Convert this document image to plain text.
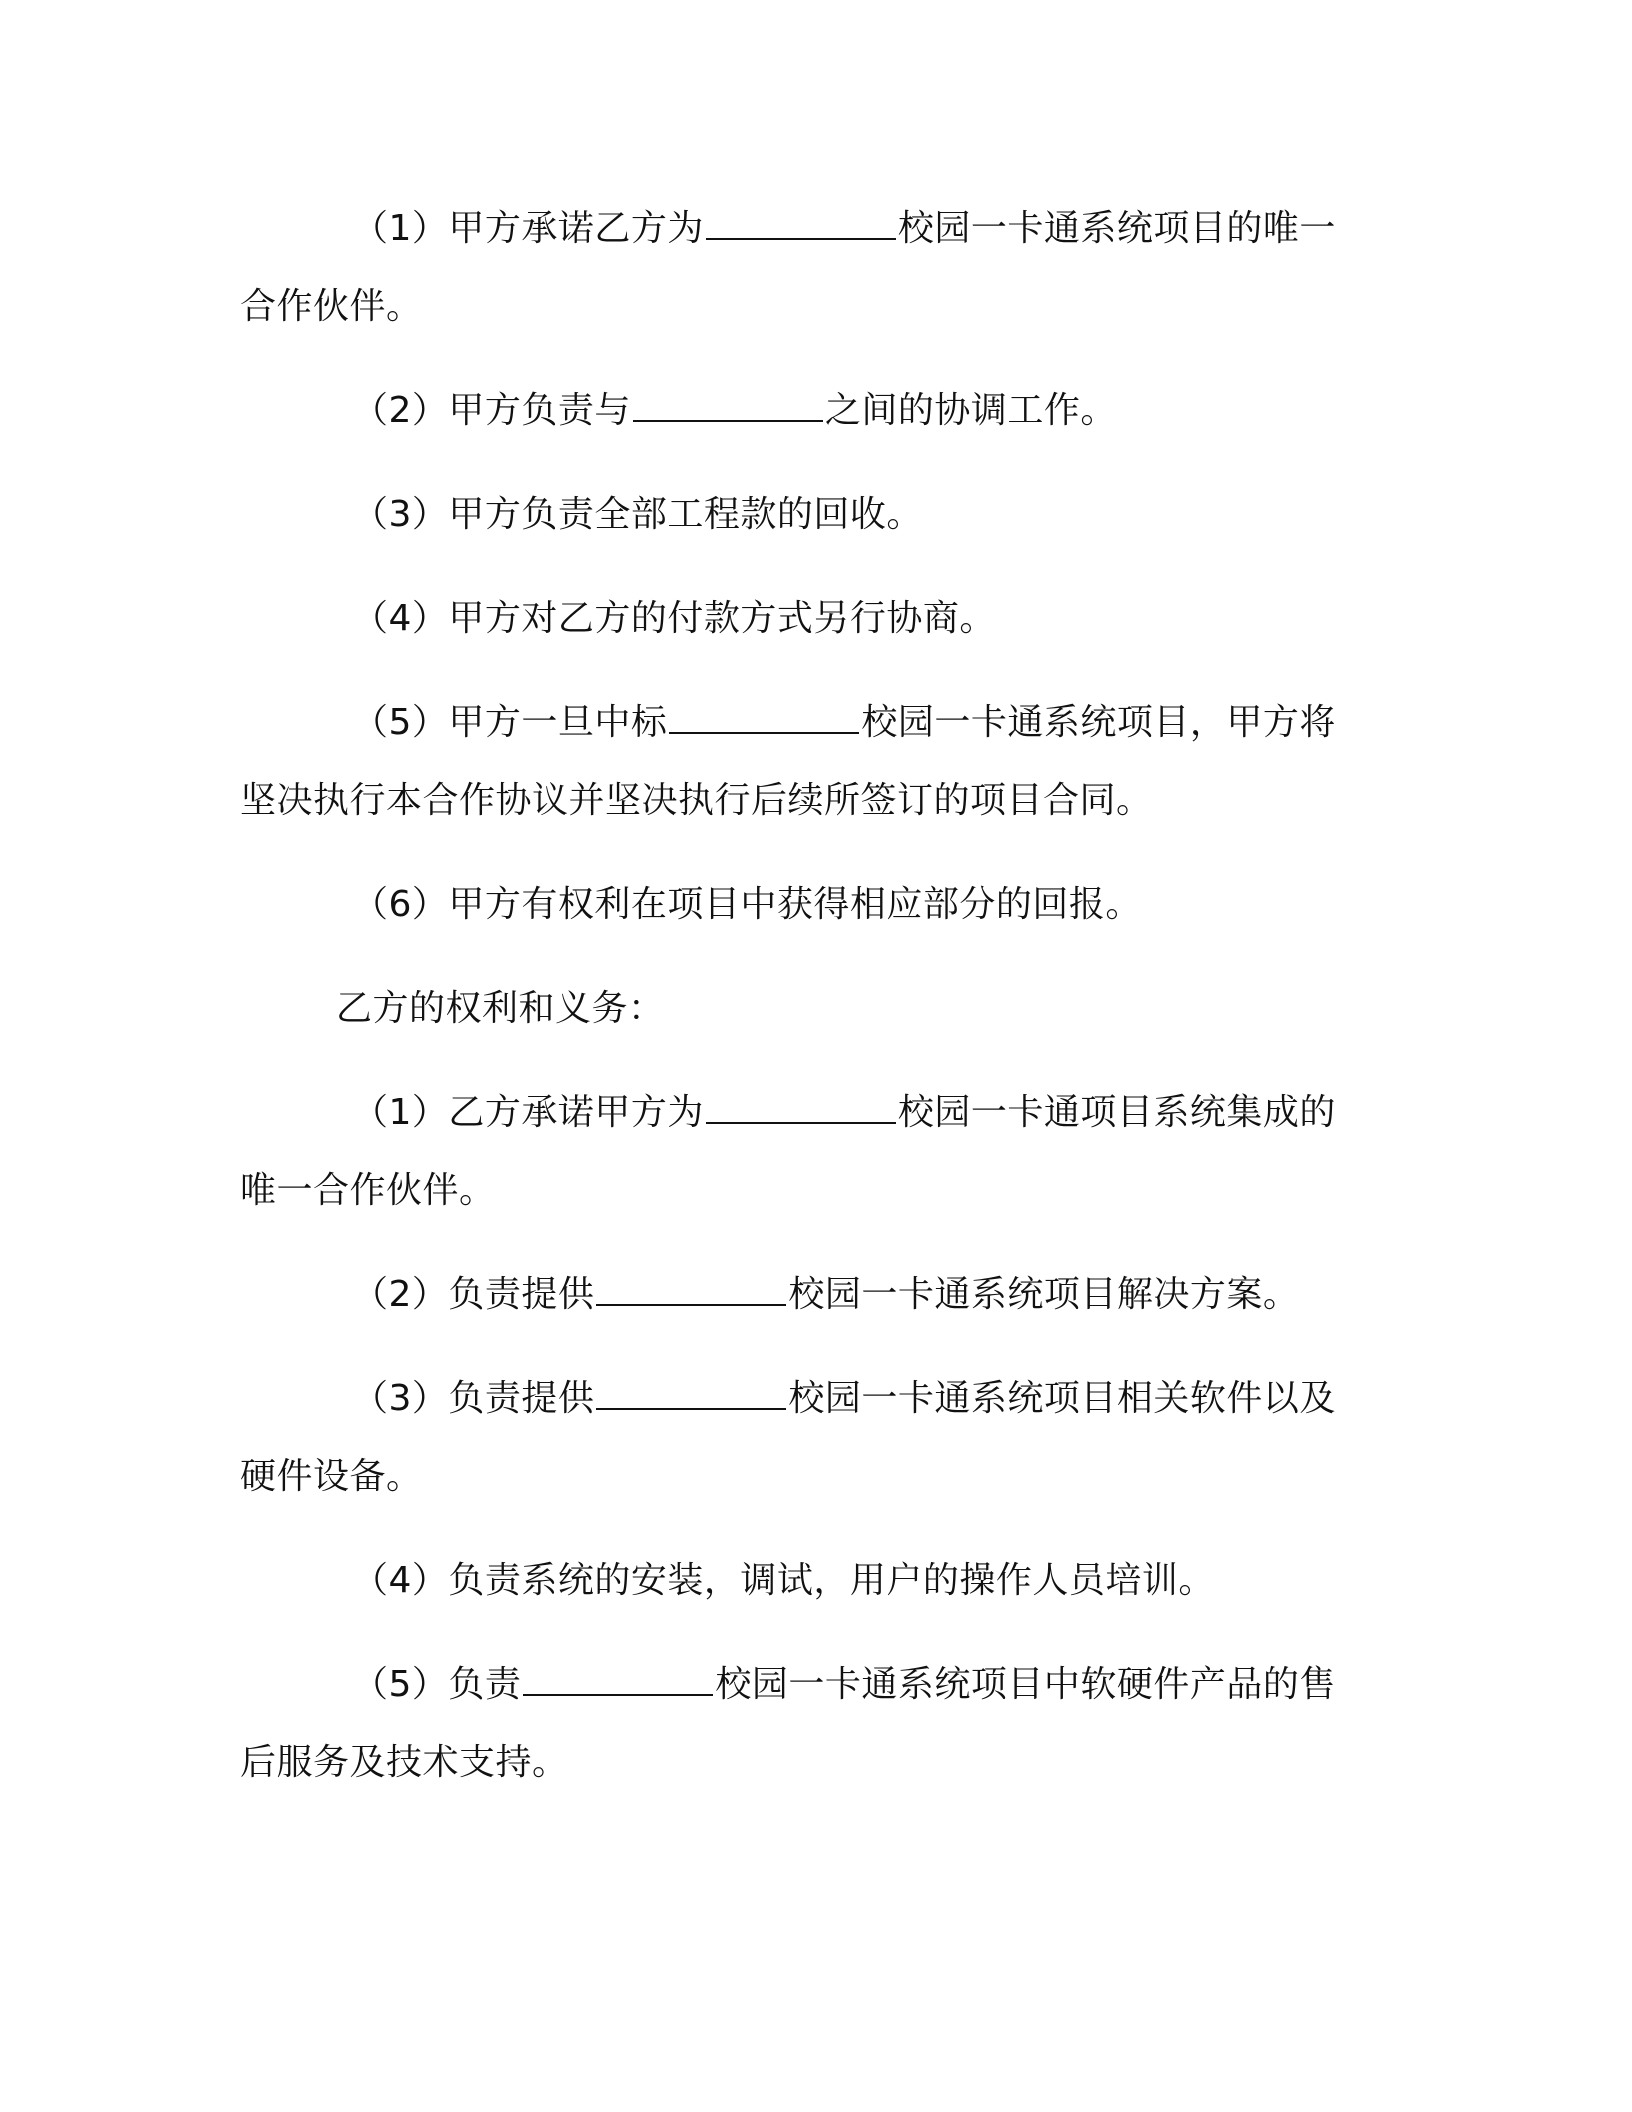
（1）甲方承诺乙方为	校园一卡通系统项目的唯一合作伙伴。

（2）甲方负责与	之间的协调工作。

（3）甲方负责全部工程款的回收。

（4）甲方对乙方的付款方式另行协商。

（5）甲方一旦中标	校园一卡通系统项目，甲方将坚决执行本合作协议并坚决执行后续所签订的项目合同。

（6）甲方有权利在项目中获得相应部分的回报。

乙方的权利和义务：

（1）乙方承诺甲方为	校园一卡通项目系统集成的唯一合作伙伴。

（2）负责提供	校园一卡通系统项目解决方案。

（3）负责提供	校园一卡通系统项目相关软件以及硬件设备。

（4）负责系统的安装，调试，用户的操作人员培训。

（5）负责	校园一卡通系统项目中软硬件产品的售后服务及技术支持。
